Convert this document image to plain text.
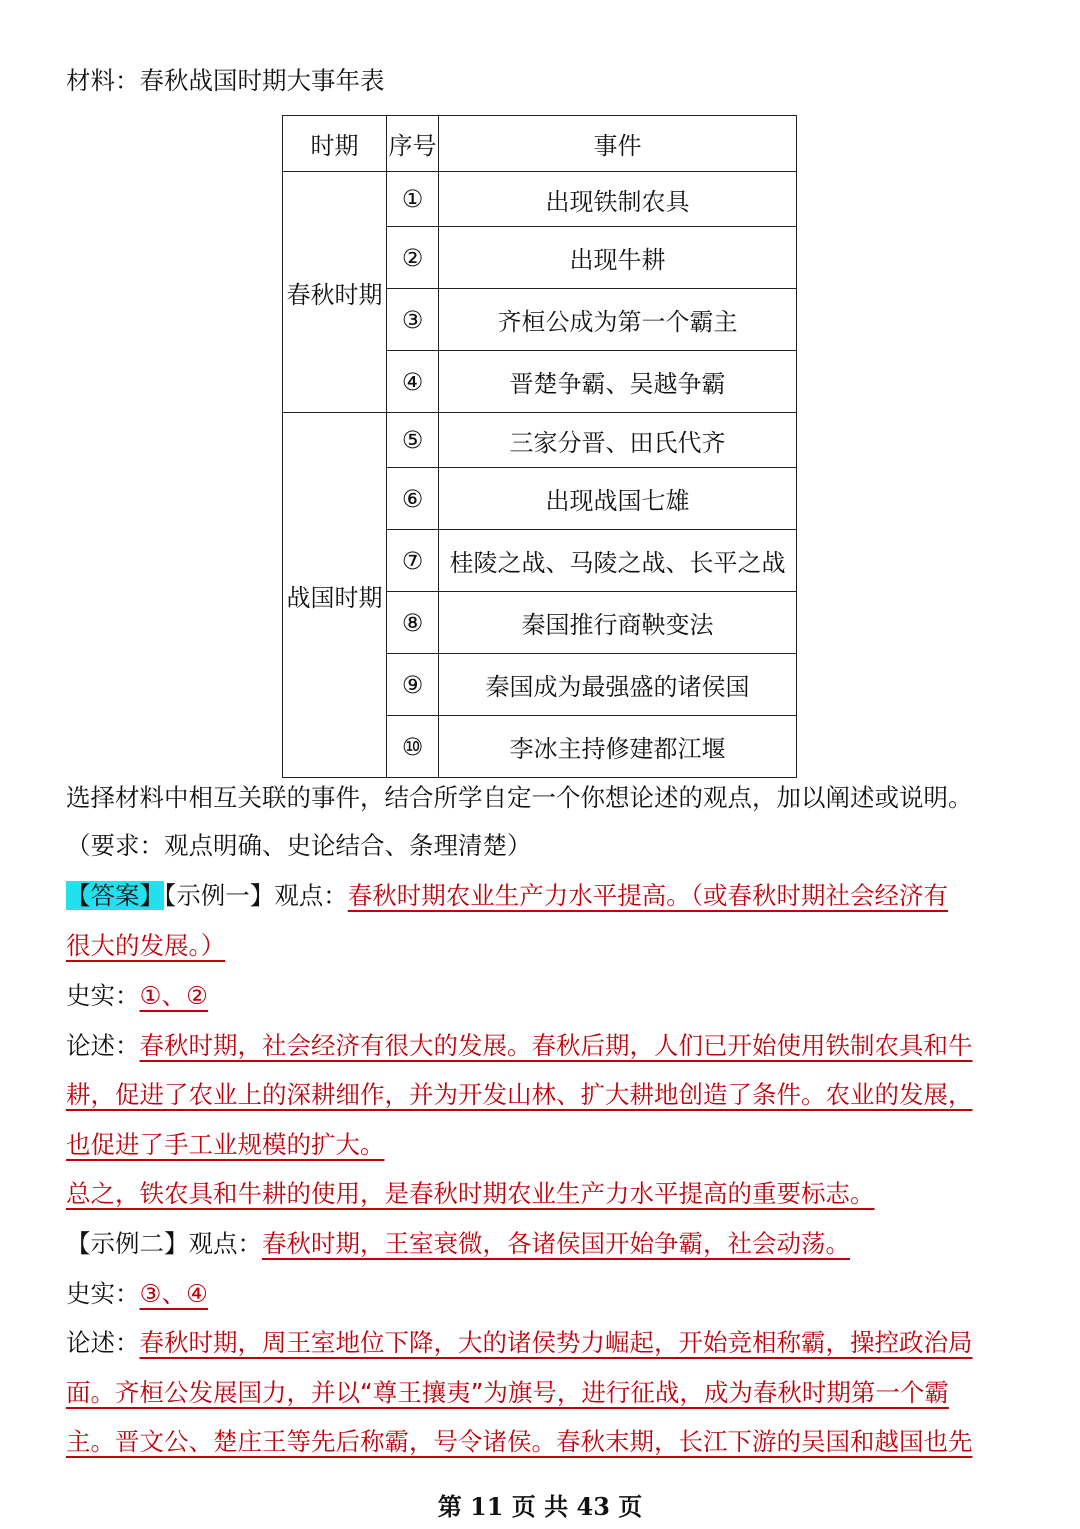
材料：春秋战国时期大事年表
时期	序号	事件
春秋时期	①	出现铁制农具
	②	出现牛耕
	③	齐桓公成为第一个霸主
	④	晋楚争霸、吴越争霸
战国时期	⑤	三家分晋、田氏代齐
	⑥	出现战国七雄
	⑦	桂陵之战、马陵之战、长平之战
	⑧	秦国推行商鞅变法
	⑨	秦国成为最强盛的诸侯国
	⑩	李冰主持修建都江堰
选择材料中相互关联的事件，结合所学自定一个你想论述的观点，加以阐述或说明。
（要求：观点明确、史论结合、条理清楚）
【答案】【示例一】观点：春秋时期农业生产力水平提高。（或春秋时期社会经济有
很大的发展。）
史实：①、②
论述：春秋时期，社会经济有很大的发展。春秋后期，人们已开始使用铁制农具和牛
耕，促进了农业上的深耕细作，并为开发山林、扩大耕地创造了条件。农业的发展，
也促进了手工业规模的扩大。
总之，铁农具和牛耕的使用，是春秋时期农业生产力水平提高的重要标志。
【示例二】观点：春秋时期，王室衰微，各诸侯国开始争霸，社会动荡。
史实：③、④
论述：春秋时期，周王室地位下降，大的诸侯势力崛起，开始竞相称霸，操控政治局
面。齐桓公发展国力，并以“尊王攘夷”为旗号，进行征战，成为春秋时期第一个霸
主。晋文公、楚庄王等先后称霸，号令诸侯。春秋末期，长江下游的吴国和越国也先
第 11 页 共 43 页
